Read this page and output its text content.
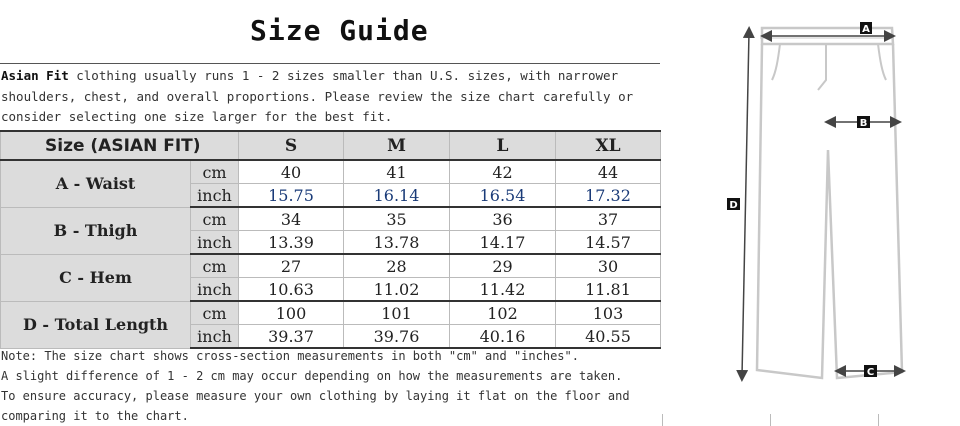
Size Guide
Asian Fit clothing usually runs 1 - 2 sizes smaller than U.S. sizes, with narrower shoulders, chest, and overall proportions. Please review the size chart carefully or consider selecting one size larger for the best fit.
Size (ASIAN FIT)		S	M	L	XL
A - Waist	cm	40	41	42	44
	inch	15.75	16.14	16.54	17.32
B - Thigh	cm	34	35	36	37
	inch	13.39	13.78	14.17	14.57
C - Hem	cm	27	28	29	30
	inch	10.63	11.02	11.42	11.81
D - Total Length	cm	100	101	102	103
	inch	39.37	39.76	40.16	40.55
Note: The size chart shows cross-section measurements in both "cm" and "inches".
A slight difference of 1 - 2 cm may occur depending on how the measurements are taken.
To ensure accuracy, please measure your own clothing by laying it flat on the floor and comparing it to the chart.
A
B
C
D
